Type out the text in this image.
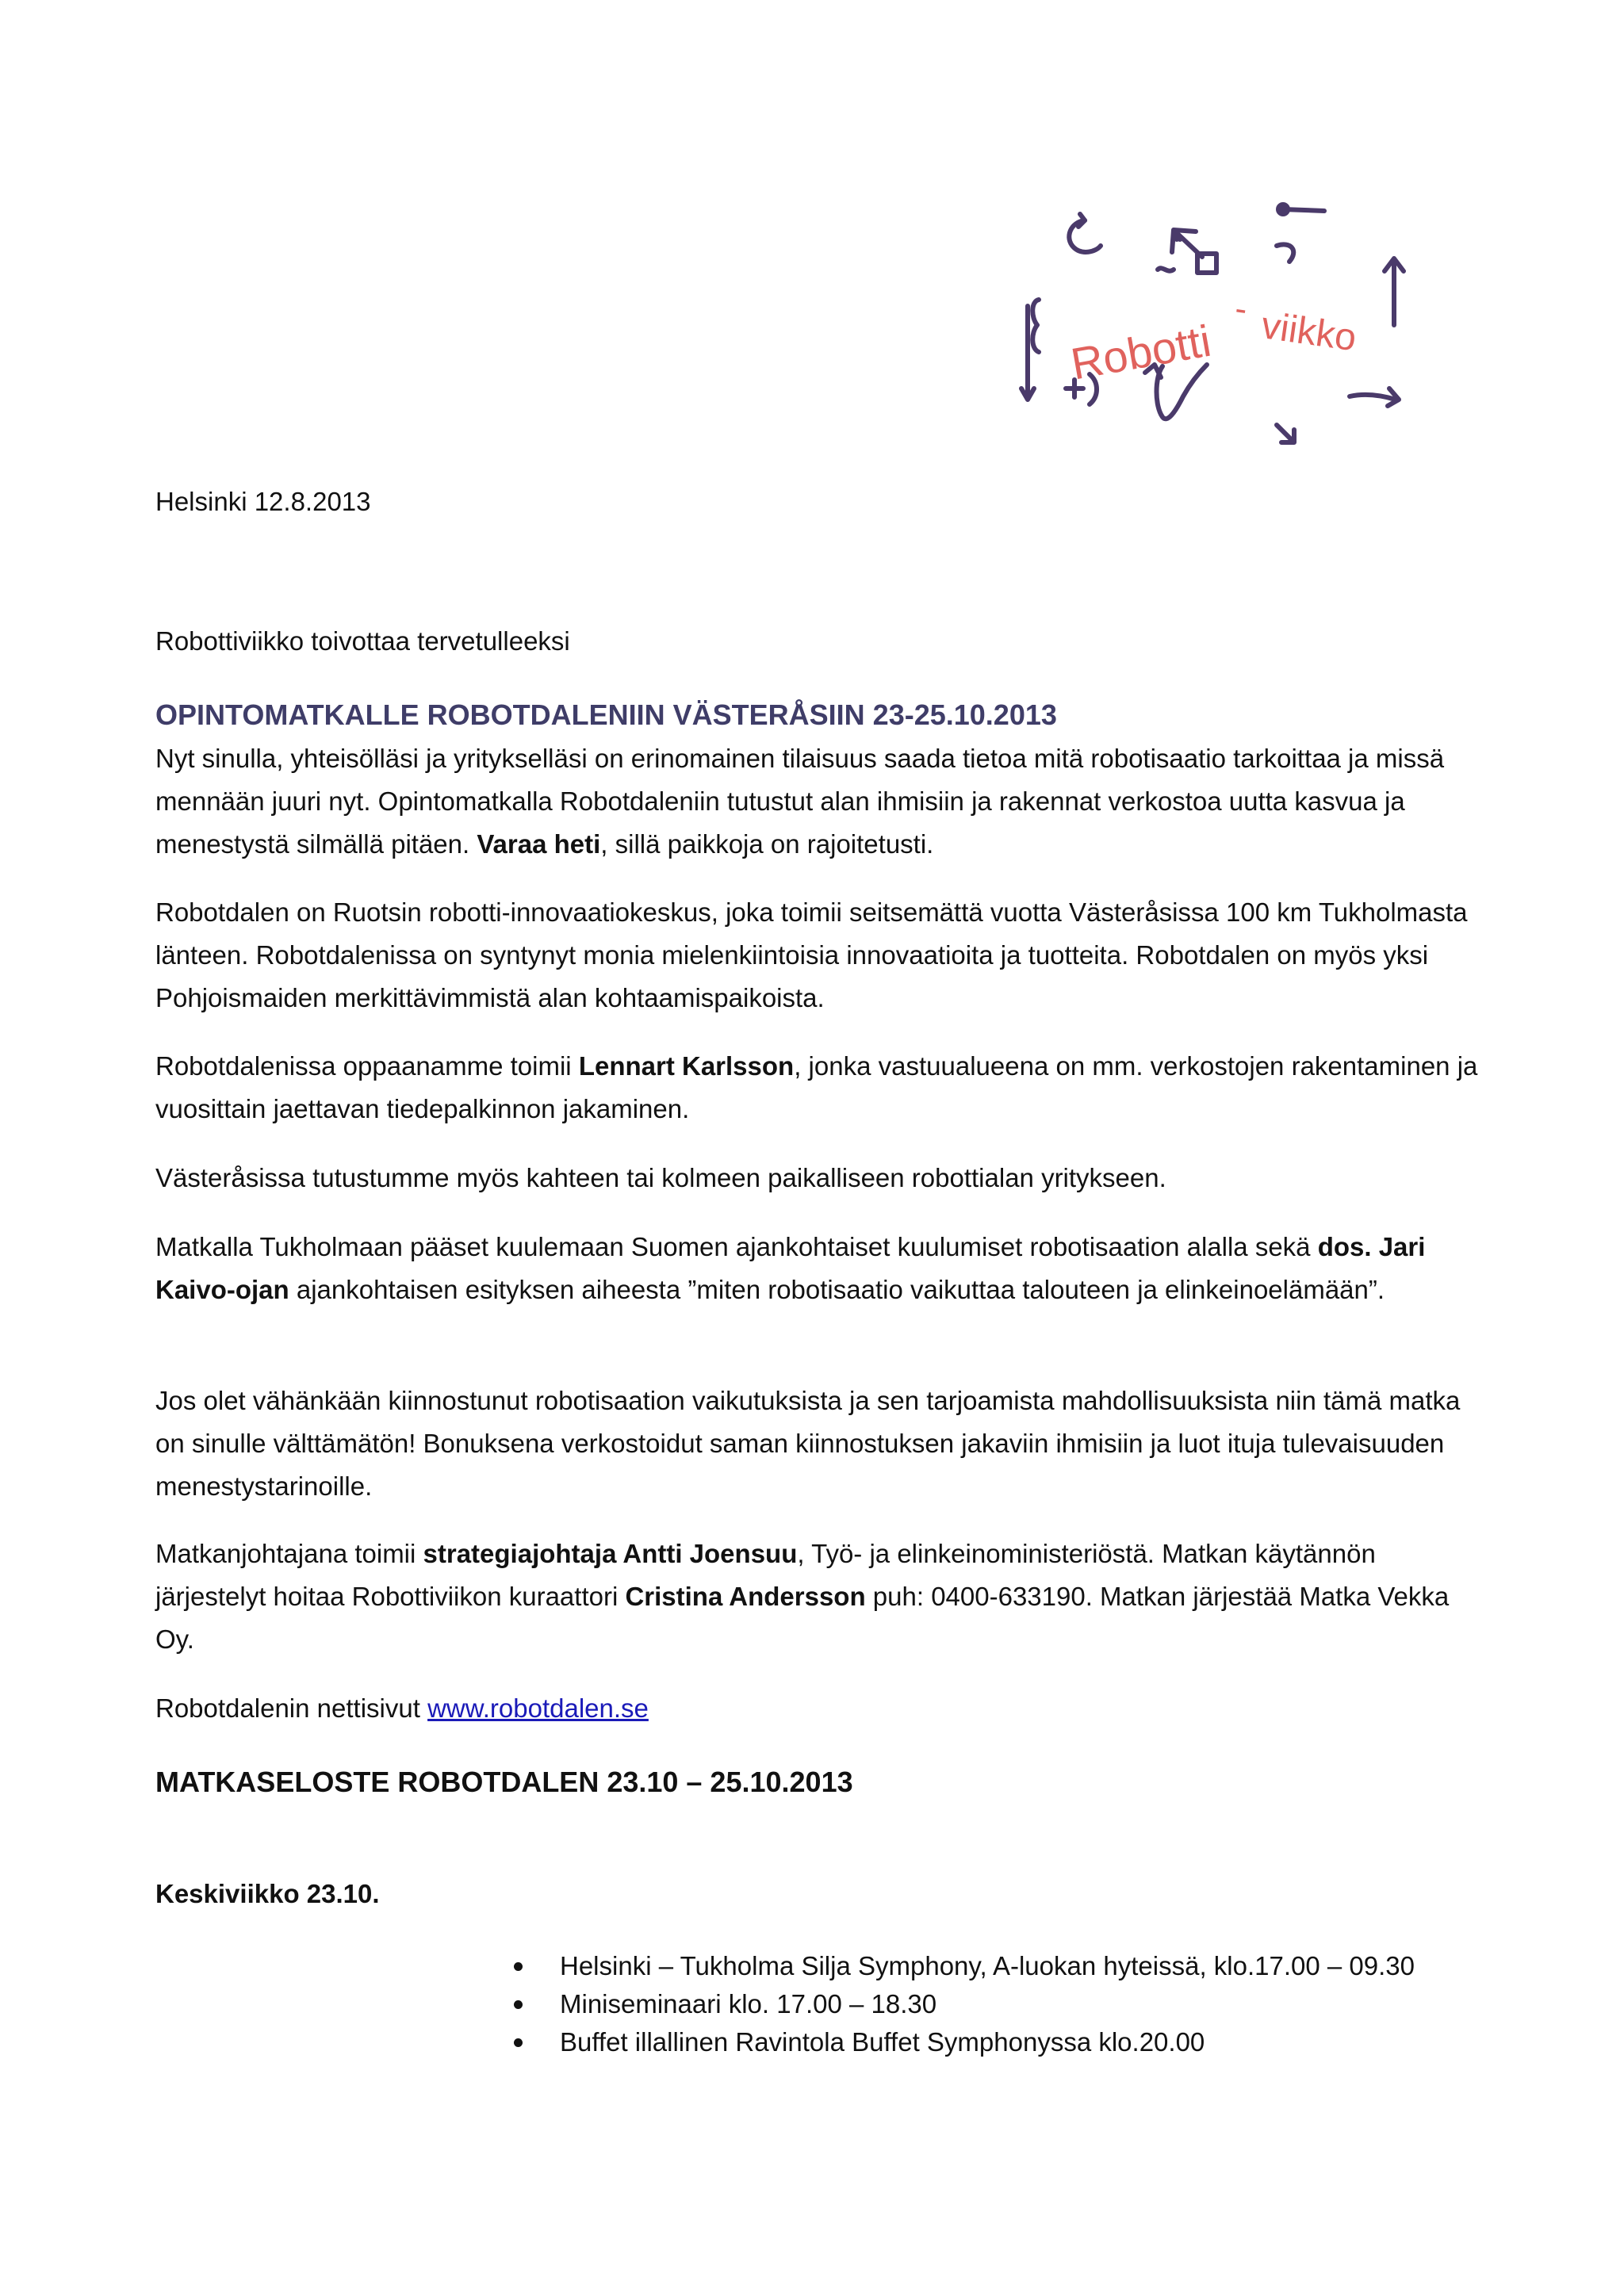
Robotti
- viikko
Helsinki 12.8.2013
Robottiviikko toivottaa tervetulleeksi
OPINTOMATKALLE ROBOTDALENIIN VÄSTERÅSIIN 23-25.10.2013
Nyt sinulla, yhteisölläsi ja yritykselläsi on erinomainen tilaisuus saada tietoa mitä robotisaatio tarkoittaa ja missä mennään juuri nyt. Opintomatkalla Robotdaleniin tutustut alan ihmisiin ja rakennat verkostoa uutta kasvua ja menestystä silmällä pitäen. Varaa heti, sillä paikkoja on rajoitetusti.
Robotdalen on Ruotsin robotti-innovaatiokeskus, joka toimii seitsemättä vuotta Västeråsissa 100 km Tukholmasta länteen. Robotdalenissa on syntynyt monia mielenkiintoisia innovaatioita ja tuotteita. Robotdalen on myös yksi Pohjoismaiden merkittävimmistä alan kohtaamispaikoista.
Robotdalenissa oppaanamme toimii Lennart Karlsson, jonka vastuualueena on mm. verkostojen rakentaminen ja vuosittain jaettavan tiedepalkinnon jakaminen.
Västeråsissa tutustumme myös kahteen tai kolmeen paikalliseen robottialan yritykseen.
Matkalla Tukholmaan pääset kuulemaan Suomen ajankohtaiset kuulumiset robotisaation alalla sekä dos. Jari Kaivo-ojan ajankohtaisen esityksen aiheesta ”miten robotisaatio vaikuttaa talouteen ja elinkeinoelämään”.
Jos olet vähänkään kiinnostunut robotisaation vaikutuksista ja sen tarjoamista mahdollisuuksista niin tämä matka on sinulle välttämätön! Bonuksena verkostoidut saman kiinnostuksen jakaviin ihmisiin ja luot ituja tulevaisuuden menestystarinoille.
Matkanjohtajana toimii strategiajohtaja Antti Joensuu, Työ- ja elinkeinoministeriöstä. Matkan käytännön järjestelyt hoitaa Robottiviikon kuraattori Cristina Andersson puh: 0400-633190. Matkan järjestää Matka Vekka Oy.
Robotdalenin nettisivut www.robotdalen.se
MATKASELOSTE ROBOTDALEN 23.10 – 25.10.2013
Keskiviikko 23.10.
Helsinki – Tukholma Silja Symphony, A-luokan hyteissä, klo.17.00 – 09.30
Miniseminaari klo. 17.00 – 18.30
Buffet illallinen Ravintola Buffet Symphonyssa klo.20.00
